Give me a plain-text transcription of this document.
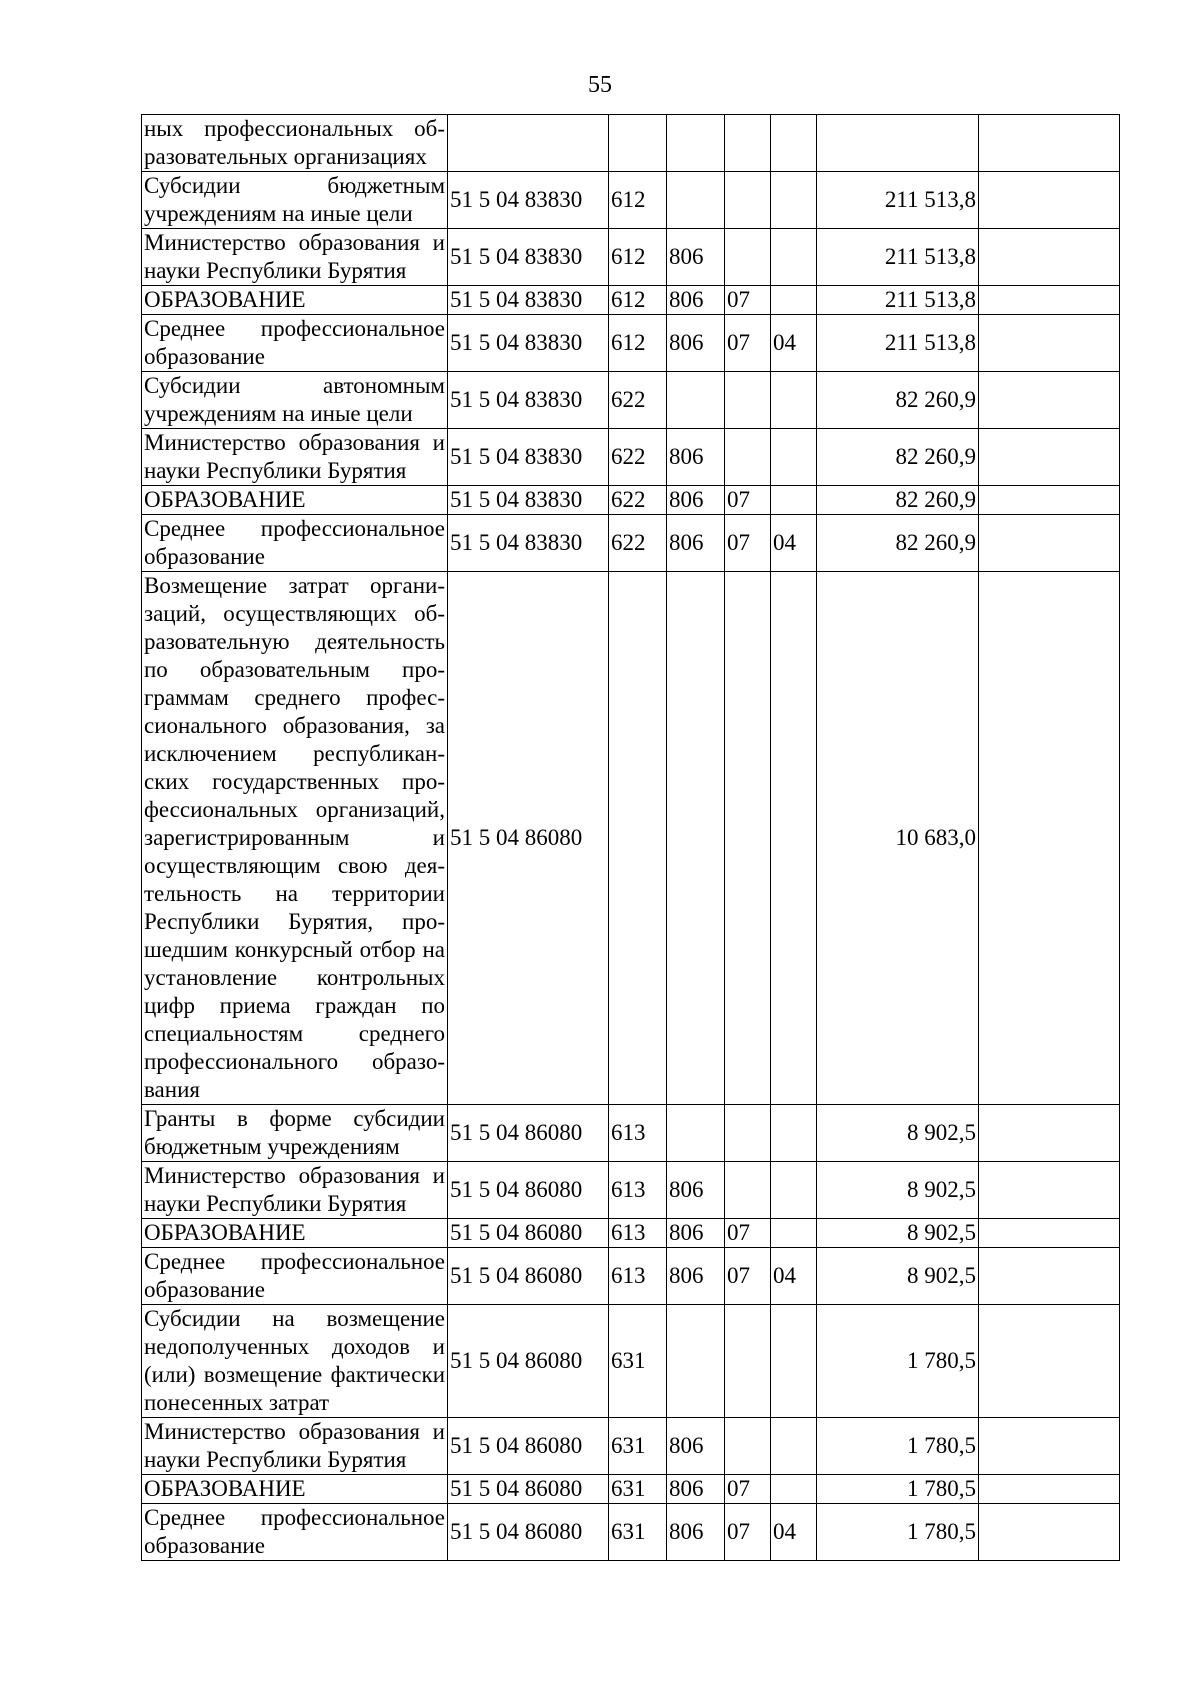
55
ных профессиональных образовательных организациях							
Субсидии бюджетным учреждениям на иные цели	51 5 04 83830	612				211 513,8	
Министерство образования и науки Республики Бурятия	51 5 04 83830	612	806			211 513,8	
ОБРАЗОВАНИЕ	51 5 04 83830	612	806	07		211 513,8	
Среднее профессиональное образование	51 5 04 83830	612	806	07	04	211 513,8	
Субсидии автономным учреждениям на иные цели	51 5 04 83830	622				82 260,9	
Министерство образования и науки Республики Бурятия	51 5 04 83830	622	806			82 260,9	
ОБРАЗОВАНИЕ	51 5 04 83830	622	806	07		82 260,9	
Среднее профессиональное образование	51 5 04 83830	622	806	07	04	82 260,9	
Возмещение затрат организаций, осуществляющих образовательную деятельность по образовательным программам среднего профессионального образования, за исключением республиканских государственных профессиональных организаций, зарегистрированным и осуществляющим свою деятельность на территории Республики Бурятия, прошедшим конкурсный отбор на установление контрольных цифр приема граждан по специальностям среднего профессионального образования	51 5 04 86080					10 683,0	
Гранты в форме субсидии бюджетным учреждениям	51 5 04 86080	613				8 902,5	
Министерство образования и науки Республики Бурятия	51 5 04 86080	613	806			8 902,5	
ОБРАЗОВАНИЕ	51 5 04 86080	613	806	07		8 902,5	
Среднее профессиональное образование	51 5 04 86080	613	806	07	04	8 902,5	
Субсидии на возмещение недополученных доходов и (или) возмещение фактически понесенных затрат	51 5 04 86080	631				1 780,5	
Министерство образования и науки Республики Бурятия	51 5 04 86080	631	806			1 780,5	
ОБРАЗОВАНИЕ	51 5 04 86080	631	806	07		1 780,5	
Среднее профессиональное образование	51 5 04 86080	631	806	07	04	1 780,5	
